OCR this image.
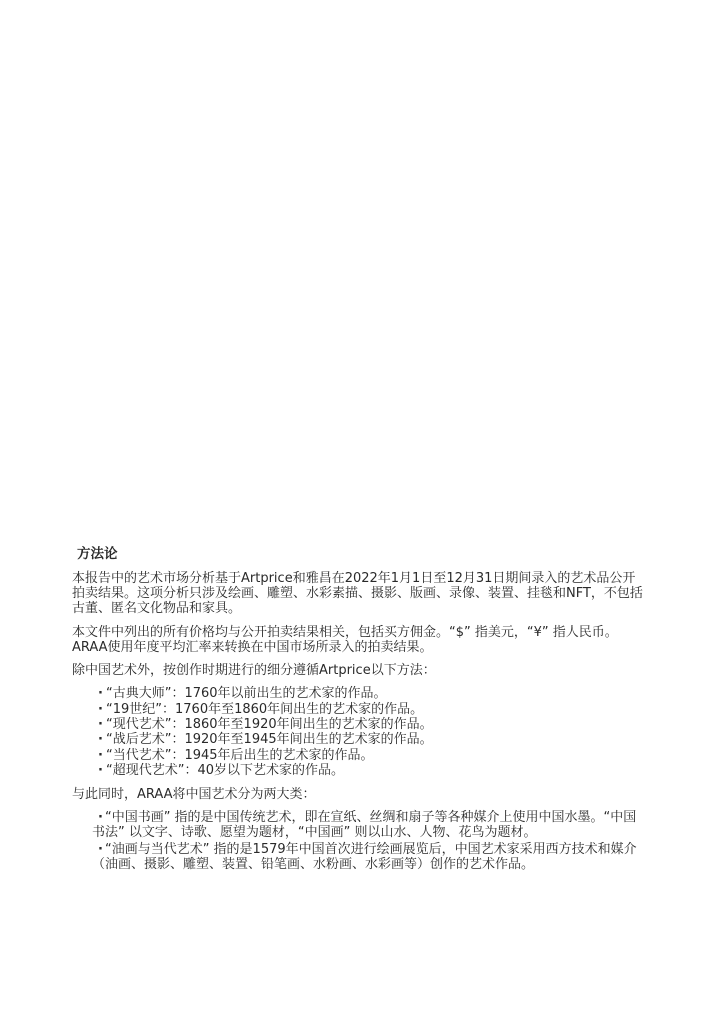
方法论

本报告中的艺术市场分析基于Artprice和雅昌在2022年1月1日至12月31日期间录入的艺术品公开拍卖结果。这项分析只涉及绘画、雕塑、水彩素描、摄影、版画、录像、装置、挂毯和NFT，不包括古董、匿名文化物品和家具。

本文件中列出的所有价格均与公开拍卖结果相关，包括买方佣金。“$” 指美元，“¥” 指人民币。ARAA使用年度平均汇率来转换在中国市场所录入的拍卖结果。

除中国艺术外，按创作时期进行的细分遵循Artprice以下方法：

· “古典大师”：1760年以前出生的艺术家的作品。
· “19世纪”：1760年至1860年间出生的艺术家的作品。
· “现代艺术”：1860年至1920年间出生的艺术家的作品。
· “战后艺术”：1920年至1945年间出生的艺术家的作品。
· “当代艺术”：1945年后出生的艺术家的作品。
· “超现代艺术”：40岁以下艺术家的作品。

与此同时，ARAA将中国艺术分为两大类：

· “中国书画” 指的是中国传统艺术，即在宣纸、丝绸和扇子等各种媒介上使用中国水墨。“中国书法” 以文字、诗歌、愿望为题材，“中国画” 则以山水、人物、花鸟为题材。

· “油画与当代艺术” 指的是1579年中国首次进行绘画展览后，中国艺术家采用西方技术和媒介（油画、摄影、雕塑、装置、铅笔画、水粉画、水彩画等）创作的艺术作品。
